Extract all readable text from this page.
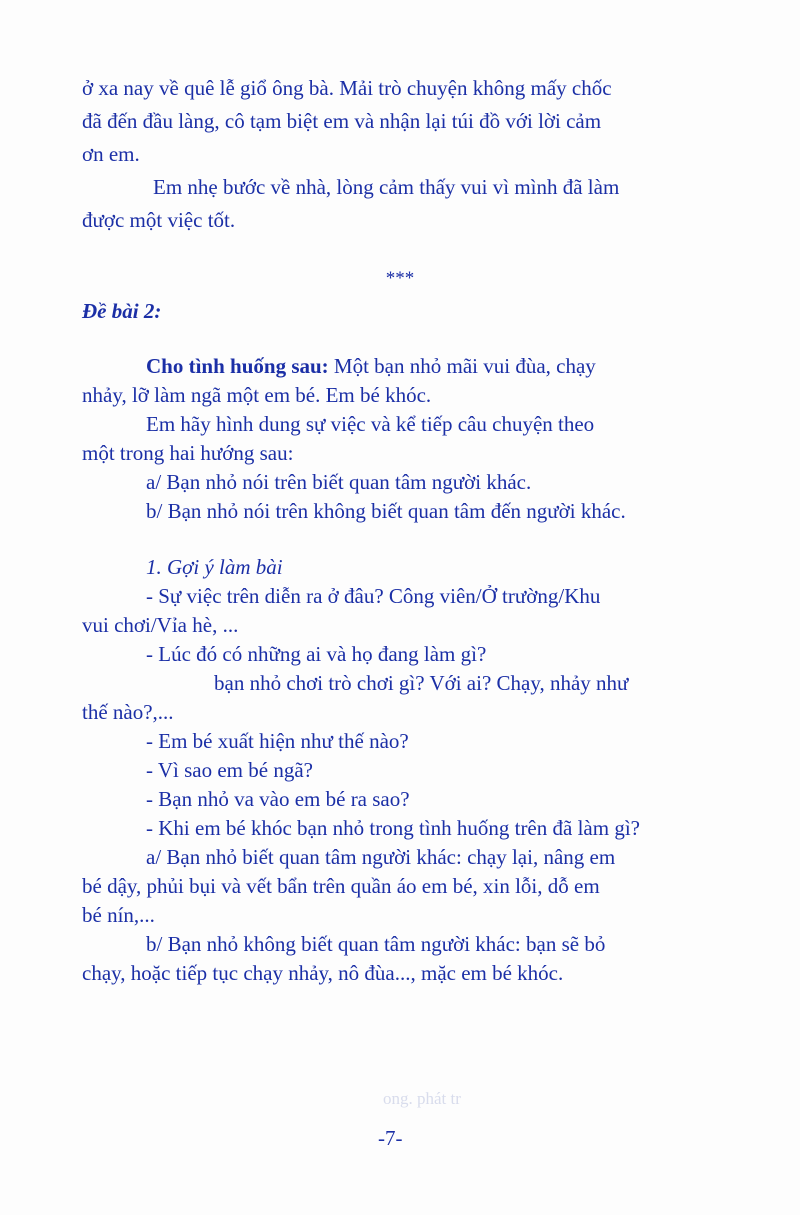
ở xa nay về quê lễ giổ ông bà. Mải trò chuyện không mấy chốc
đã đến đầu làng, cô tạm biệt em và nhận lại túi đồ với lời cảm
ơn em.
Em nhẹ bước về nhà, lòng cảm thấy vui vì mình đã làm
được một việc tốt.
***
Đề bài 2:
Cho tình huống sau: Một bạn nhỏ mãi vui đùa, chạy
nhảy, lỡ làm ngã một em bé. Em bé khóc.
Em hãy hình dung sự việc và kể tiếp câu chuyện theo
một trong hai hướng sau:
a/ Bạn nhỏ nói trên biết quan tâm người khác.
b/ Bạn nhỏ nói trên không biết quan tâm đến người khác.
1. Gợi ý làm bài
- Sự việc trên diễn ra ở đâu? Công viên/Ở trường/Khu
vui chơi/Vỉa hè, ...
- Lúc đó có những ai và họ đang làm gì?
bạn nhỏ chơi trò chơi gì? Với ai? Chạy, nhảy như
thế nào?,...
- Em bé xuất hiện như thế nào?
- Vì sao em bé ngã?
- Bạn nhỏ va vào em bé ra sao?
- Khi em bé khóc bạn nhỏ trong tình huống trên đã làm gì?
a/ Bạn nhỏ biết quan tâm người khác: chạy lại, nâng em
bé dậy, phủi bụi và vết bẩn trên quần áo em bé, xin lỗi, dỗ em
bé nín,...
b/ Bạn nhỏ không biết quan tâm người khác: bạn sẽ bỏ
chạy, hoặc tiếp tục chạy nhảy, nô đùa..., mặc em bé khóc.
ong. phát tr
-7-
